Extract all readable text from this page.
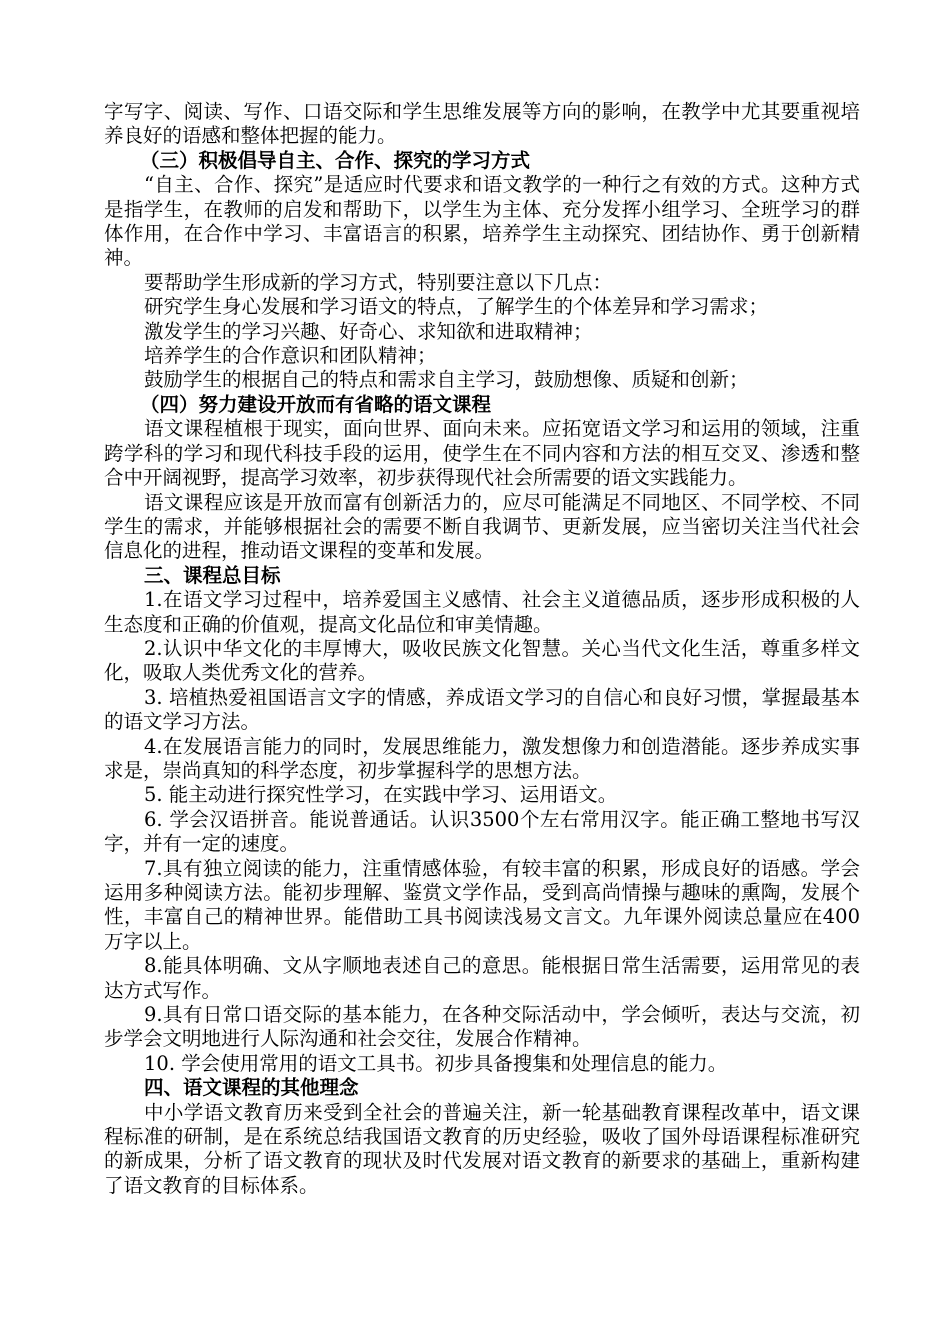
字写字、阅读、写作、口语交际和学生思维发展等方向的影响，在教学中尤其要重视培养良好的语感和整体把握的能力。

（三）积极倡导自主、合作、探究的学习方式

“自主、合作、探究”是适应时代要求和语文教学的一种行之有效的方式。这种方式是指学生，在教师的启发和帮助下，以学生为主体、充分发挥小组学习、全班学习的群体作用，在合作中学习、丰富语言的积累，培养学生主动探究、团结协作、勇于创新精神。

要帮助学生形成新的学习方式，特别要注意以下几点：

研究学生身心发展和学习语文的特点，了解学生的个体差异和学习需求；

激发学生的学习兴趣、好奇心、求知欲和进取精神；

培养学生的合作意识和团队精神；

鼓励学生的根据自己的特点和需求自主学习，鼓励想像、质疑和创新；

（四）努力建设开放而有省略的语文课程

语文课程植根于现实，面向世界、面向未来。应拓宽语文学习和运用的领域，注重跨学科的学习和现代科技手段的运用，使学生在不同内容和方法的相互交叉、渗透和整合中开阔视野，提高学习效率，初步获得现代社会所需要的语文实践能力。

语文课程应该是开放而富有创新活力的，应尽可能满足不同地区、不同学校、不同学生的需求，并能够根据社会的需要不断自我调节、更新发展，应当密切关注当代社会信息化的进程，推动语文课程的变革和发展。

三、课程总目标

1.在语文学习过程中，培养爱国主义感情、社会主义道德品质，逐步形成积极的人生态度和正确的价值观，提高文化品位和审美情趣。

2.认识中华文化的丰厚博大，吸收民族文化智慧。关心当代文化生活，尊重多样文化，吸取人类优秀文化的营养。

3. 培植热爱祖国语言文字的情感，养成语文学习的自信心和良好习惯，掌握最基本的语文学习方法。

4.在发展语言能力的同时，发展思维能力，激发想像力和创造潜能。逐步养成实事求是，崇尚真知的科学态度，初步掌握科学的思想方法。

5. 能主动进行探究性学习，在实践中学习、运用语文。

6. 学会汉语拼音。能说普通话。认识3500个左右常用汉字。能正确工整地书写汉字，并有一定的速度。

7.具有独立阅读的能力，注重情感体验，有较丰富的积累，形成良好的语感。学会运用多种阅读方法。能初步理解、鉴赏文学作品，受到高尚情操与趣味的熏陶，发展个性，丰富自己的精神世界。能借助工具书阅读浅易文言文。九年课外阅读总量应在400万字以上。

8.能具体明确、文从字顺地表述自己的意思。能根据日常生活需要，运用常见的表达方式写作。

9.具有日常口语交际的基本能力，在各种交际活动中，学会倾听，表达与交流，初步学会文明地进行人际沟通和社会交往，发展合作精神。

10. 学会使用常用的语文工具书。初步具备搜集和处理信息的能力。

四、语文课程的其他理念

中小学语文教育历来受到全社会的普遍关注，新一轮基础教育课程改革中，语文课程标准的研制，是在系统总结我国语文教育的历史经验，吸收了国外母语课程标准研究的新成果，分析了语文教育的现状及时代发展对语文教育的新要求的基础上，重新构建了语文教育的目标体系。
